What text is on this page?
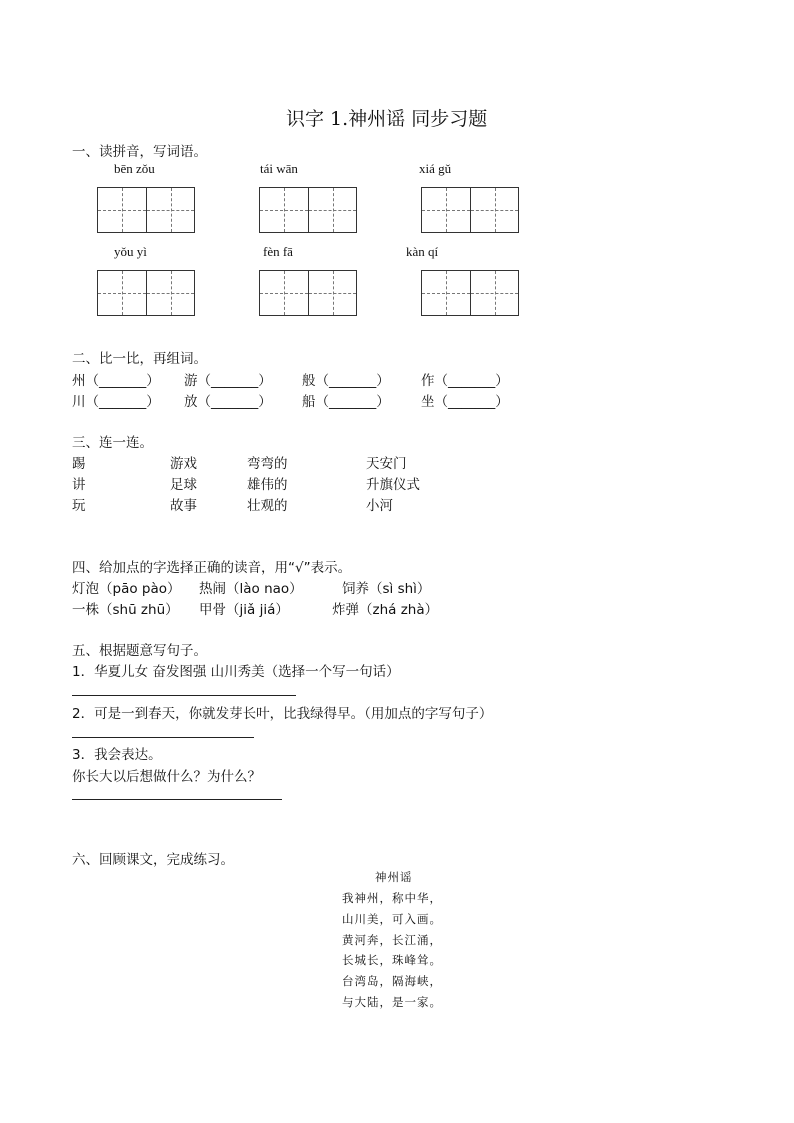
识字 1.神州谣 同步习题
一、读拼音，写词语。
bēn zǒu	tái wān	xiá gǔ
yǒu yì	fèn fā	kàn qí
二、比一比，再组词。
州（_______） 游（_______） 般（_______） 作（_______）
川（_______） 放（_______） 船（_______） 坐（_______）
三、连一连。
踢	游戏	弯弯的	天安门
讲	足球	雄伟的	升旗仪式
玩	故事	壮观的	小河
四、给加点的字选择正确的读音，用“√”表示。
灯泡（pāo pào） 热闹（lào nao）	饲养（sì shì）
一株（shū zhū） 甲骨（jiǎ jiá）	炸弹（zhá zhà）
五、根据题意写句子。
1．华夏儿女 奋发图强 山川秀美（选择一个写一句话）
2．可是一到春天，你就发芽长叶，比我绿得早。（用加点的字写句子）
3．我会表达。
你长大以后想做什么？为什么？
六、回顾课文，完成练习。
神州谣
我神州，称中华，
山川美，可入画。
黄河奔，长江涌，
长城长，珠峰耸。
台湾岛，隔海峡，
与大陆，是一家。
